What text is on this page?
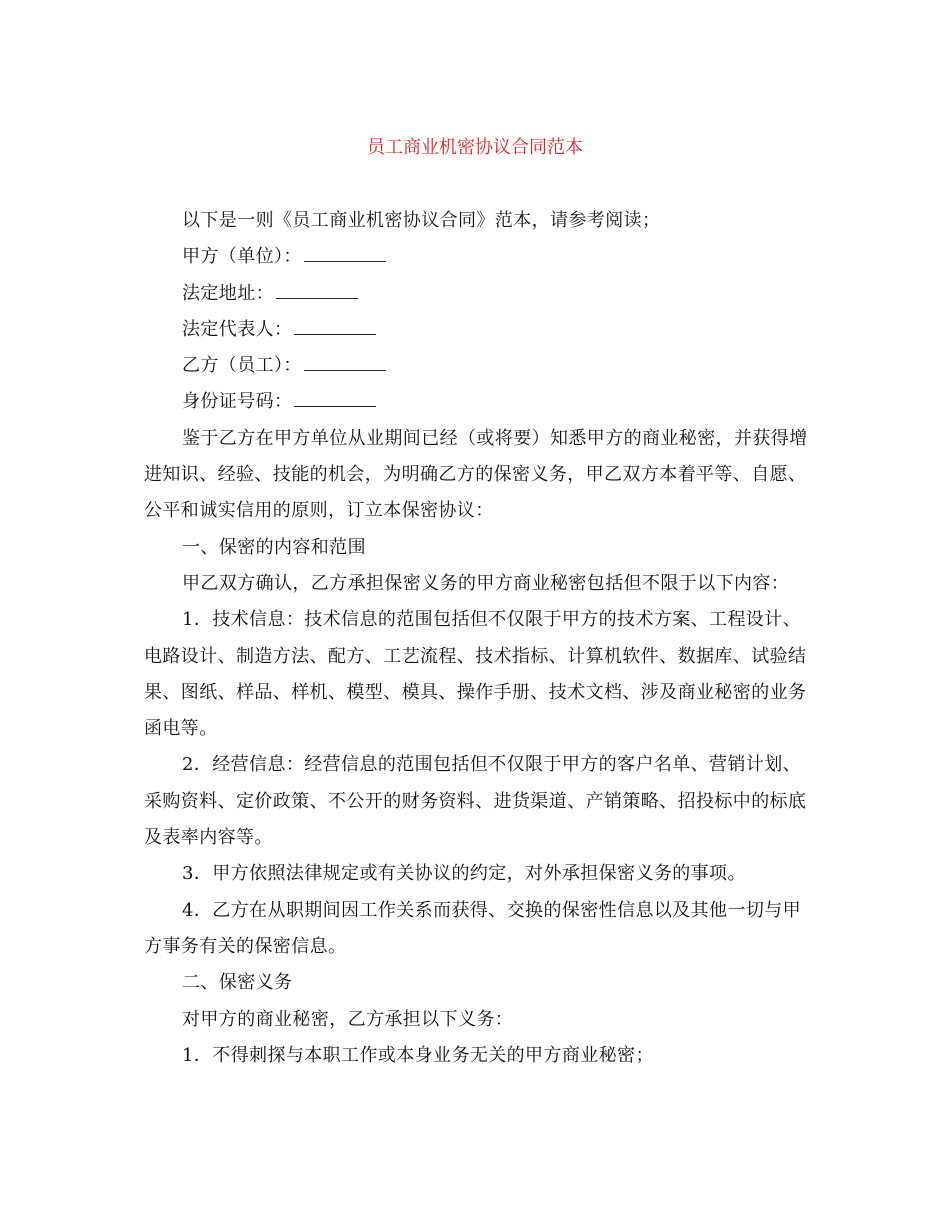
员工商业机密协议合同范本

以下是一则《员工商业机密协议合同》范本，请参考阅读；

甲方（单位）：

法定地址：

法定代表人：

乙方（员工）：

身份证号码：

鉴于乙方在甲方单位从业期间已经（或将要）知悉甲方的商业秘密，并获得增进知识、经验、技能的机会，为明确乙方的保密义务，甲乙双方本着平等、自愿、公平和诚实信用的原则，订立本保密协议：

一、保密的内容和范围

甲乙双方确认，乙方承担保密义务的甲方商业秘密包括但不限于以下内容：

1．技术信息：技术信息的范围包括但不仅限于甲方的技术方案、工程设计、电路设计、制造方法、配方、工艺流程、技术指标、计算机软件、数据库、试验结果、图纸、样品、样机、模型、模具、操作手册、技术文档、涉及商业秘密的业务函电等。

2．经营信息：经营信息的范围包括但不仅限于甲方的客户名单、营销计划、采购资料、定价政策、不公开的财务资料、进货渠道、产销策略、招投标中的标底及表率内容等。

3．甲方依照法律规定或有关协议的约定，对外承担保密义务的事项。

4．乙方在从职期间因工作关系而获得、交换的保密性信息以及其他一切与甲方事务有关的保密信息。

二、保密义务

对甲方的商业秘密，乙方承担以下义务：

1．不得刺探与本职工作或本身业务无关的甲方商业秘密；
